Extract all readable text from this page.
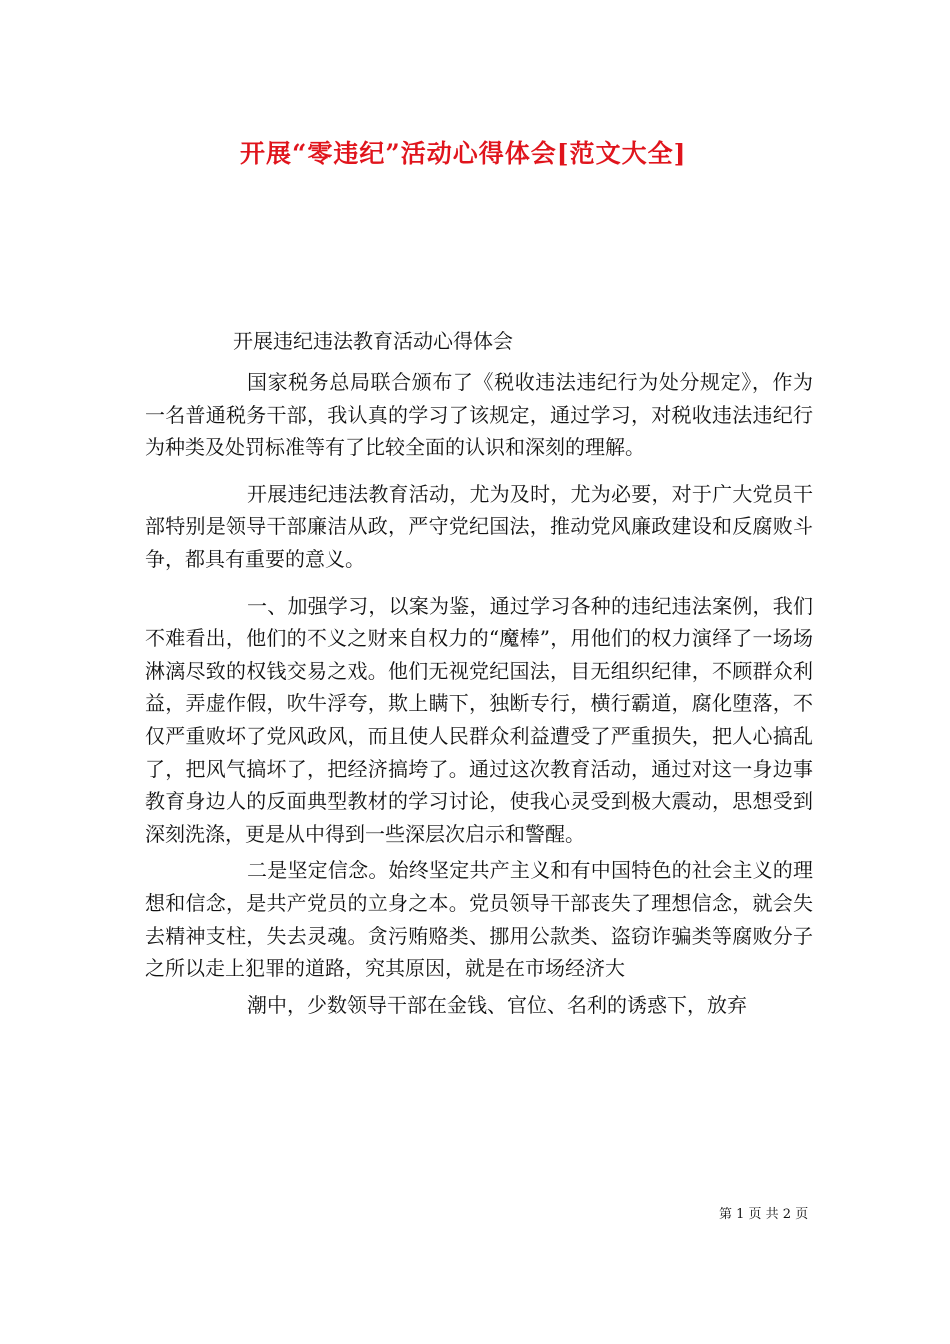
开展“零违纪”活动心得体会[范文大全]
开展违纪违法教育活动心得体会

国家税务总局联合颁布了《税收违法违纪行为处分规定》，作为一名普通税务干部，我认真的学习了该规定，通过学习，对税收违法违纪行为种类及处罚标准等有了比较全面的认识和深刻的理解。

开展违纪违法教育活动，尤为及时，尤为必要，对于广大党员干部特别是领导干部廉洁从政，严守党纪国法，推动党风廉政建设和反腐败斗争，都具有重要的意义。

一、加强学习，以案为鉴，通过学习各种的违纪违法案例，我们不难看出，他们的不义之财来自权力的“魔棒”，用他们的权力演绎了一场场淋漓尽致的权钱交易之戏。他们无视党纪国法，目无组织纪律，不顾群众利益，弄虚作假，吹牛浮夸，欺上瞒下，独断专行，横行霸道，腐化堕落，不仅严重败坏了党风政风，而且使人民群众利益遭受了严重损失，把人心搞乱了，把风气搞坏了，把经济搞垮了。通过这次教育活动，通过对这一身边事教育身边人的反面典型教材的学习讨论，使我心灵受到极大震动，思想受到深刻洗涤，更是从中得到一些深层次启示和警醒。

二是坚定信念。始终坚定共产主义和有中国特色的社会主义的理想和信念，是共产党员的立身之本。党员领导干部丧失了理想信念，就会失去精神支柱，失去灵魂。贪污贿赂类、挪用公款类、盗窃诈骗类等腐败分子之所以走上犯罪的道路，究其原因，就是在市场经济大

潮中，少数领导干部在金钱、官位、名利的诱惑下，放弃

第 1 页 共 2 页
